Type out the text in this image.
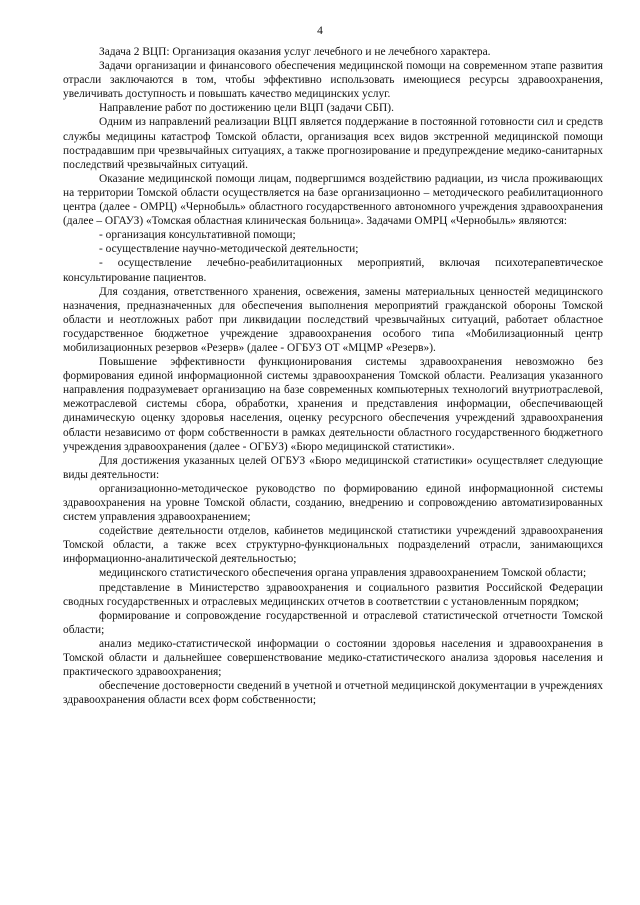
4

Задача 2 ВЦП: Организация оказания услуг лечебного и не лечебного характера.

Задачи организации и финансового обеспечения медицинской помощи на современном этапе развития отрасли заключаются в том, чтобы эффективно использовать имеющиеся ресурсы здравоохранения, увеличивать доступность и повышать качество медицинских услуг.

Направление работ по достижению цели ВЦП (задачи СБП).

Одним из направлений реализации ВЦП является поддержание в постоянной готовности сил и средств службы медицины катастроф Томской области, организация всех видов экстренной медицинской помощи пострадавшим при чрезвычайных ситуациях, а также прогнозирование и предупреждение медико-санитарных последствий чрезвычайных ситуаций.

Оказание медицинской помощи лицам, подвергшимся воздействию радиации, из числа проживающих на территории Томской области осуществляется на базе организационно – методического реабилитационного центра (далее - ОМРЦ) «Чернобыль» областного государственного автономного учреждения здравоохранения (далее – ОГАУЗ) «Томская областная клиническая больница». Задачами ОМРЦ «Чернобыль» являются:

- организация консультативной помощи;

- осуществление научно-методической деятельности;

- осуществление лечебно-реабилитационных мероприятий, включая психотерапевтическое консультирование пациентов.

Для создания, ответственного хранения, освежения, замены материальных ценностей медицинского назначения, предназначенных для обеспечения выполнения мероприятий гражданской обороны Томской области и неотложных работ при ликвидации последствий чрезвычайных ситуаций, работает областное государственное бюджетное учреждение здравоохранения особого типа «Мобилизационный центр мобилизационных резервов «Резерв» (далее - ОГБУЗ ОТ «МЦМР «Резерв»).

Повышение эффективности функционирования системы здравоохранения невозможно без формирования единой информационной системы здравоохранения Томской области. Реализация указанного направления подразумевает организацию на базе современных компьютерных технологий внутриотраслевой, межотраслевой системы сбора, обработки, хранения и представления информации, обеспечивающей динамическую оценку здоровья населения, оценку ресурсного обеспечения учреждений здравоохранения области независимо от форм собственности в рамках деятельности областного государственного бюджетного учреждения здравоохранения (далее - ОГБУЗ) «Бюро медицинской статистики».

Для достижения указанных целей ОГБУЗ «Бюро медицинской статистики» осуществляет следующие виды деятельности:

организационно-методическое руководство по формированию единой информационной системы здравоохранения на уровне Томской области, созданию, внедрению и сопровождению автоматизированных систем управления здравоохранением;

содействие деятельности отделов, кабинетов медицинской статистики учреждений здравоохранения Томской области, а также всех структурно-функциональных подразделений отрасли, занимающихся информационно-аналитической деятельностью;

медицинского статистического обеспечения органа управления здравоохранением Томской области;

представление в Министерство здравоохранения и социального развития Российской Федерации сводных государственных и отраслевых медицинских отчетов в соответствии с установленным порядком;

формирование и сопровождение государственной и отраслевой статистической отчетности Томской области;

анализ медико-статистической информации о состоянии здоровья населения и здравоохранения в Томской области и дальнейшее совершенствование медико-статистического анализа здоровья населения и практического здравоохранения;

обеспечение достоверности сведений в учетной и отчетной медицинской документации в учреждениях здравоохранения области всех форм собственности;
